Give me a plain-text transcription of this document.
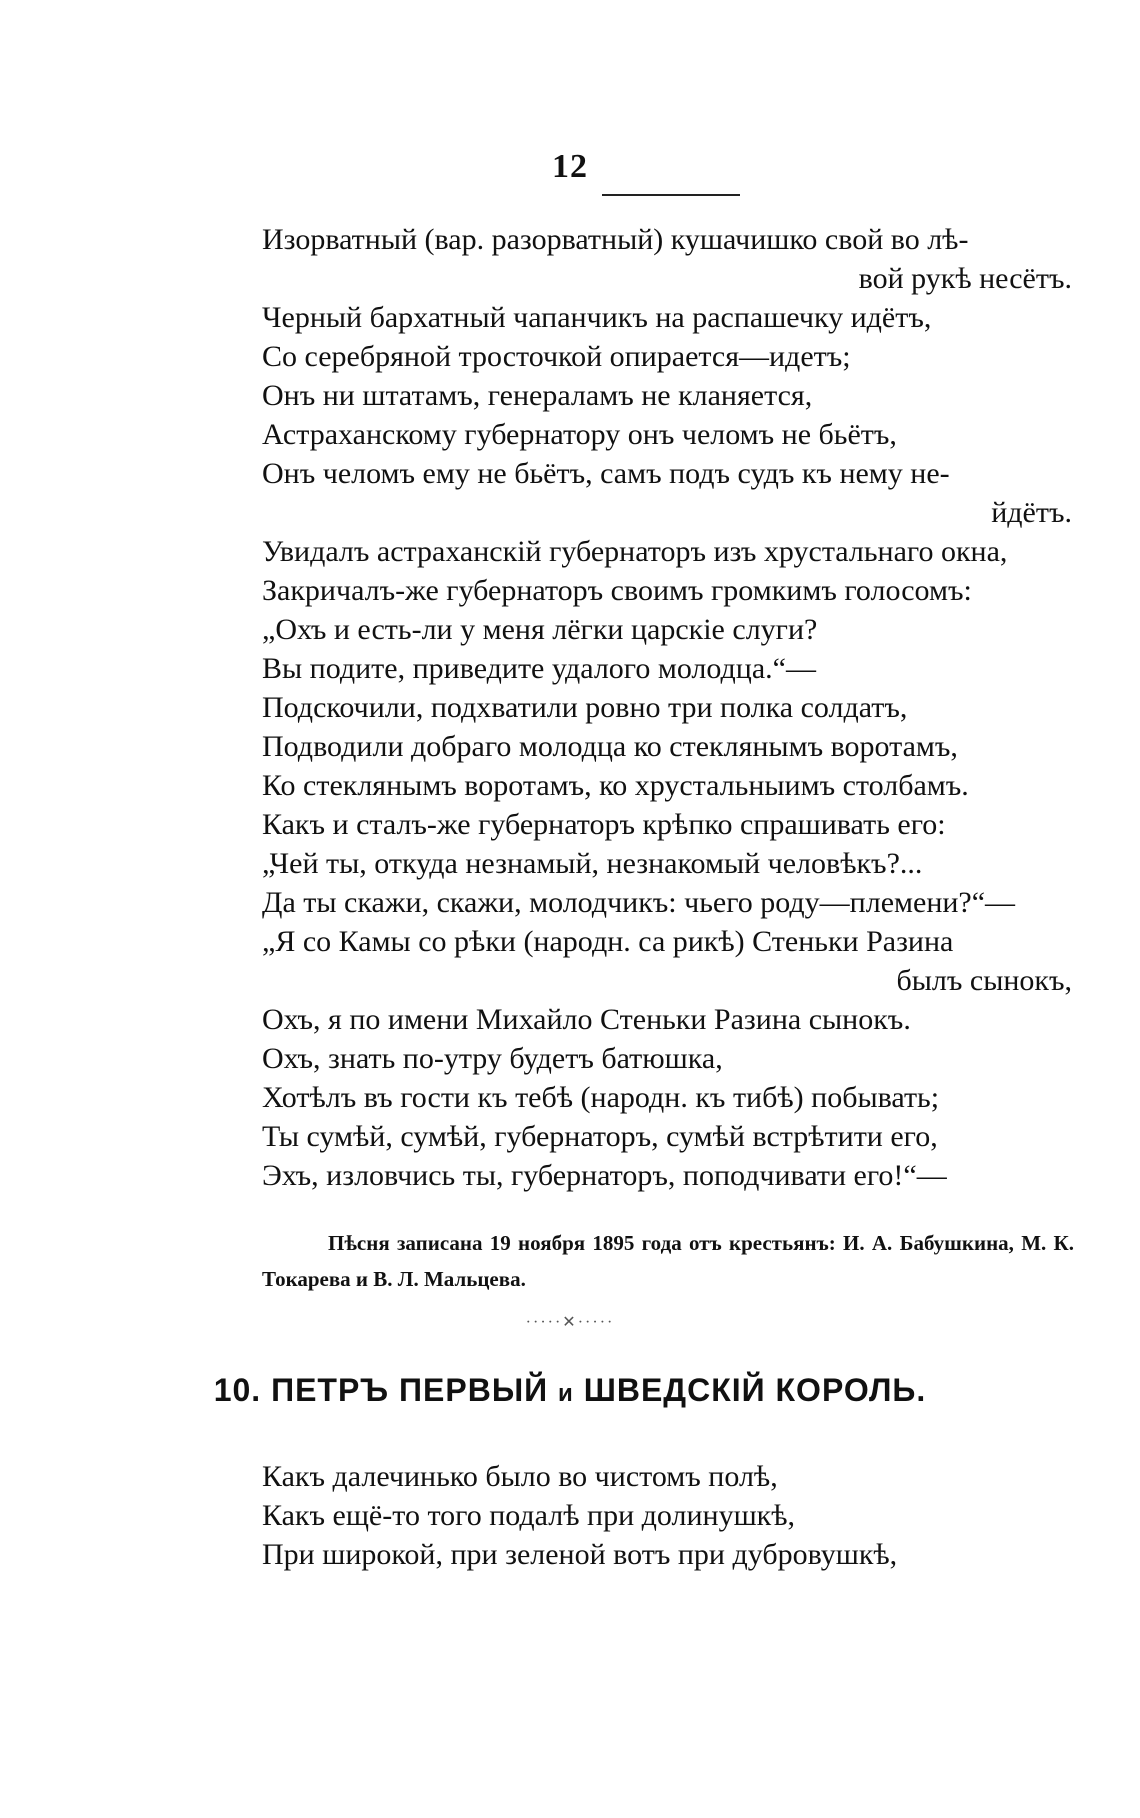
12
Изорватный (вар. разорватный) кушачишко свой во лѣ-
вой рукѣ несётъ.
Черный бархатный чапанчикъ на распашечку идётъ,
Со серебряной тросточкой опирается—идетъ;
Онъ ни штатамъ, генераламъ не кланяется,
Астраханскому губернатору онъ челомъ не бьётъ,
Онъ челомъ ему не бьётъ, самъ подъ судъ къ нему не-
йдётъ.
Увидалъ астраханскій губернаторъ изъ хрустальнаго окна,
Закричалъ-же губернаторъ своимъ громкимъ голосомъ:
„Охъ и есть-ли у меня лёгки царскіе слуги?
Вы подите, приведите удалого молодца.“—
Подскочили, подхватили ровно три полка солдатъ,
Подводили добраго молодца ко стеклянымъ воротамъ,
Ко стеклянымъ воротамъ, ко хрустальныимъ столбамъ.
Какъ и сталъ-же губернаторъ крѣпко спрашивать его:
„Чей ты, откуда незнамый, незнакомый человѣкъ?...
Да ты скажи, скажи, молодчикъ: чьего роду—племени?“—
„Я со Камы со рѣки (народн. са рикѣ) Стеньки Разина
былъ сынокъ,
Охъ, я по имени Михайло Стеньки Разина сынокъ.
Охъ, знать по-утру будетъ батюшка,
Хотѣлъ въ гости къ тебѣ (народн. къ тибѣ) побывать;
Ты сумѣй, сумѣй, губернаторъ, сумѣй встрѣтити его,
Эхъ, изловчись ты, губернаторъ, поподчивати его!“—
Пѣсня записана 19 ноября 1895 года отъ крестьянъ: И. А. Бабушкина, М. К. Токарева и В. Л. Мальцева.
·····✕·····
10. ПЕТРЪ ПЕРВЫЙ и ШВЕДСКІЙ КОРОЛЬ.
Какъ далечинько было во чистомъ полѣ,
Какъ ещё-то того подалѣ при долинушкѣ,
При широкой, при зеленой вотъ при дубровушкѣ,
